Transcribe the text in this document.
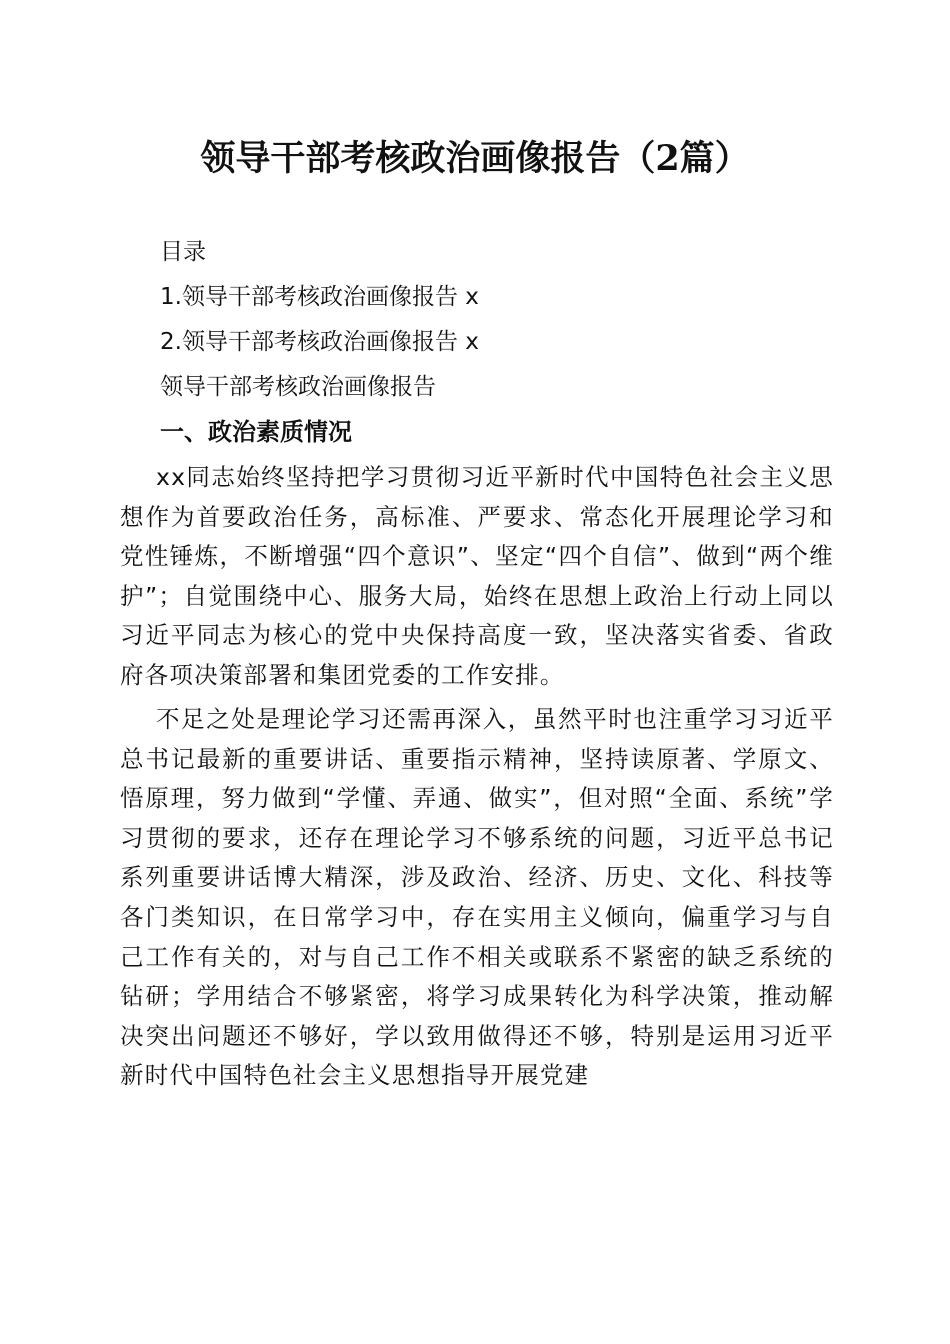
领导干部考核政治画像报告（2篇）
目录
1.领导干部考核政治画像报告 x
2.领导干部考核政治画像报告 x
领导干部考核政治画像报告
一、政治素质情况
xx同志始终坚持把学习贯彻习近平新时代中国特色社会主义思想作为首要政治任务，高标准、严要求、常态化开展理论学习和党性锤炼，不断增强“四个意识”、坚定“四个自信”、做到“两个维护”；自觉围绕中心、服务大局，始终在思想上政治上行动上同以习近平同志为核心的党中央保持高度一致，坚决落实省委、省政府各项决策部署和集团党委的工作安排。
不足之处是理论学习还需再深入，虽然平时也注重学习习近平总书记最新的重要讲话、重要指示精神，坚持读原著、学原文、悟原理，努力做到“学懂、弄通、做实”，但对照“全面、系统”学习贯彻的要求，还存在理论学习不够系统的问题，习近平总书记系列重要讲话博大精深，涉及政治、经济、历史、文化、科技等各门类知识，在日常学习中，存在实用主义倾向，偏重学习与自己工作有关的，对与自己工作不相关或联系不紧密的缺乏系统的钻研；学用结合不够紧密，将学习成果转化为科学决策，推动解决突出问题还不够好，学以致用做得还不够，特别是运用习近平新时代中国特色社会主义思想指导开展党建
